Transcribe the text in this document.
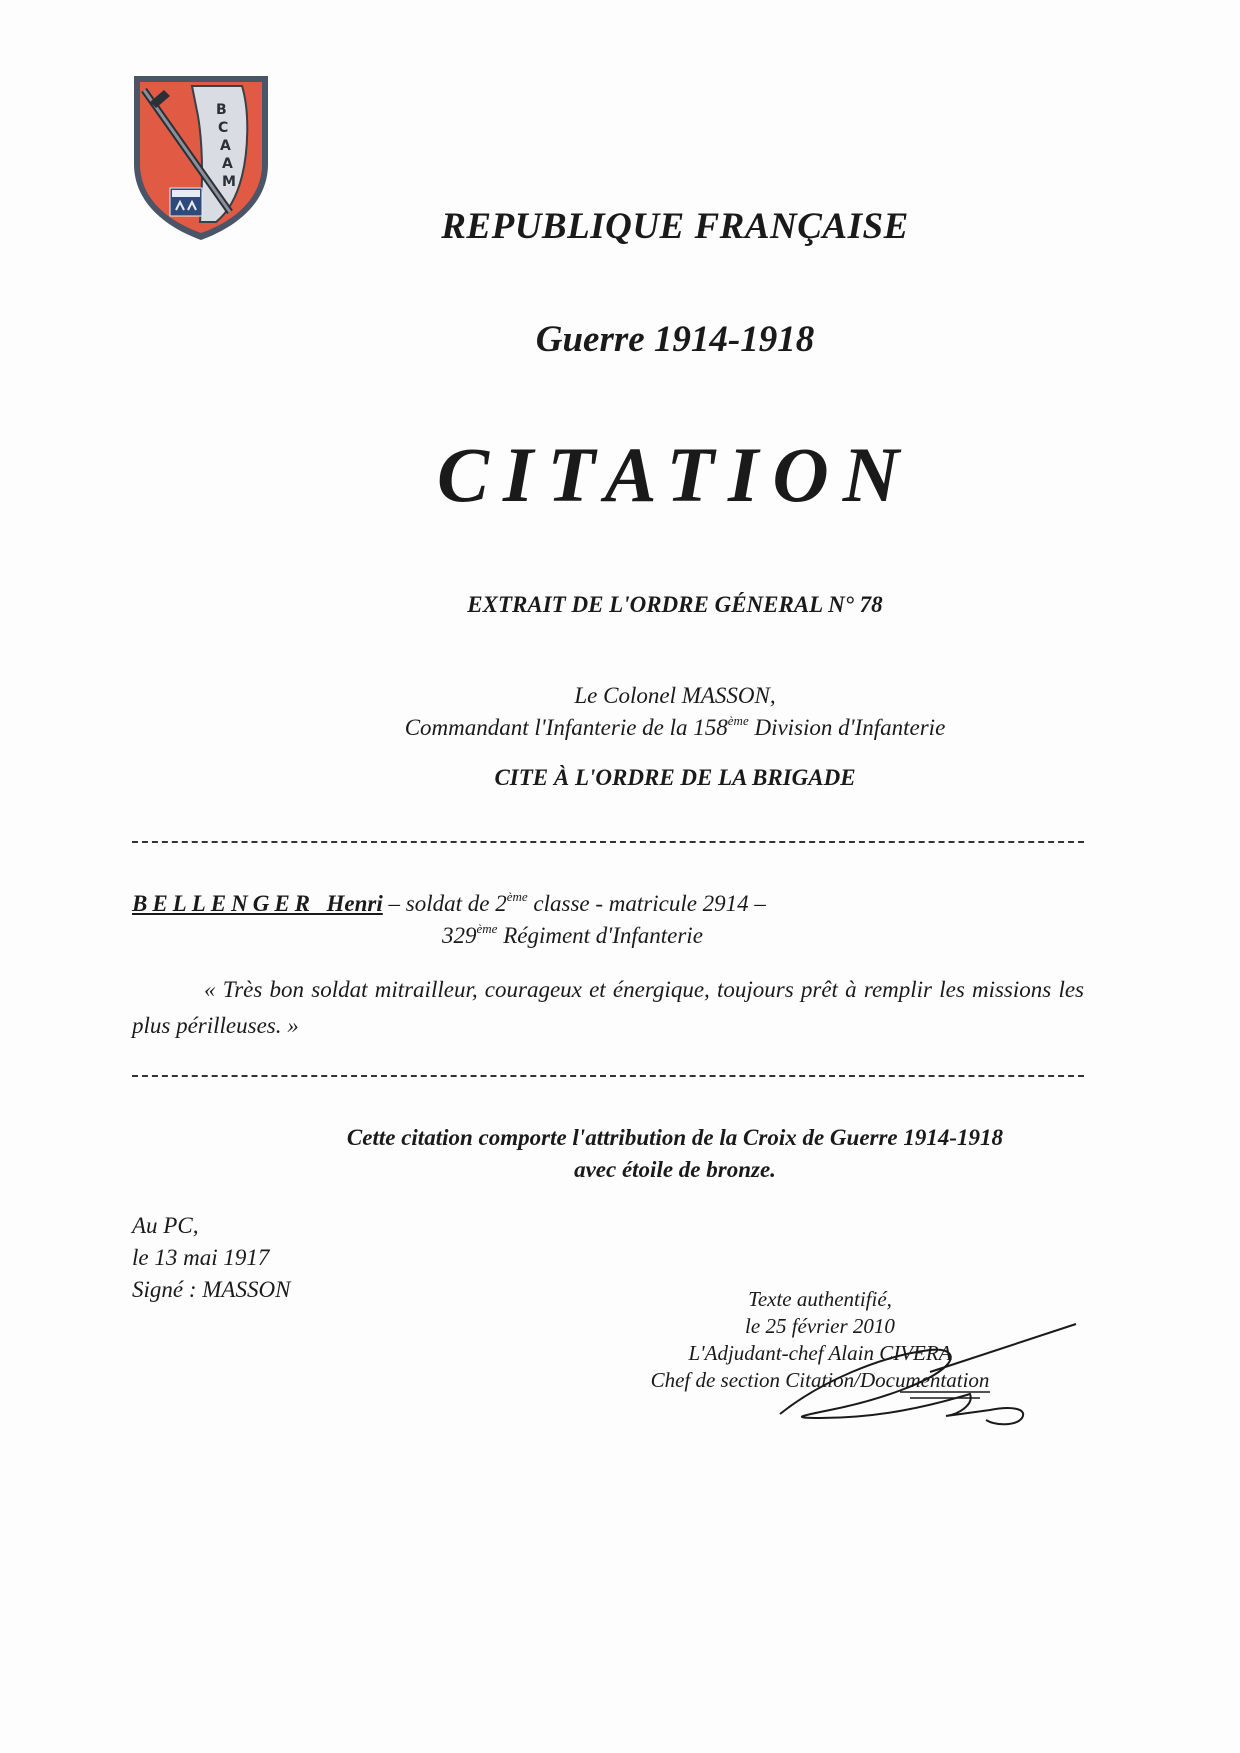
B
C
A
A
M
REPUBLIQUE FRANÇAISE
Guerre 1914-1918
CITATION
EXTRAIT DE L'ORDRE GÉNERAL N° 78
Le Colonel MASSON,
Commandant l'Infanterie de la 158ème Division d'Infanterie
CITE À L'ORDRE DE LA BRIGADE
BELLENGER Henri – soldat de 2ème classe - matricule 2914 –
329ème Régiment d'Infanterie
« Très bon soldat mitrailleur, courageux et énergique, toujours prêt à remplir les missions les plus périlleuses. »
Cette citation comporte l'attribution de la Croix de Guerre 1914-1918
avec étoile de bronze.
Au PC,
le 13 mai 1917
Signé : MASSON	Texte authentifié,
le 25 février 2010
L'Adjudant-chef Alain CIVERA
Chef de section Citation/Documentation
